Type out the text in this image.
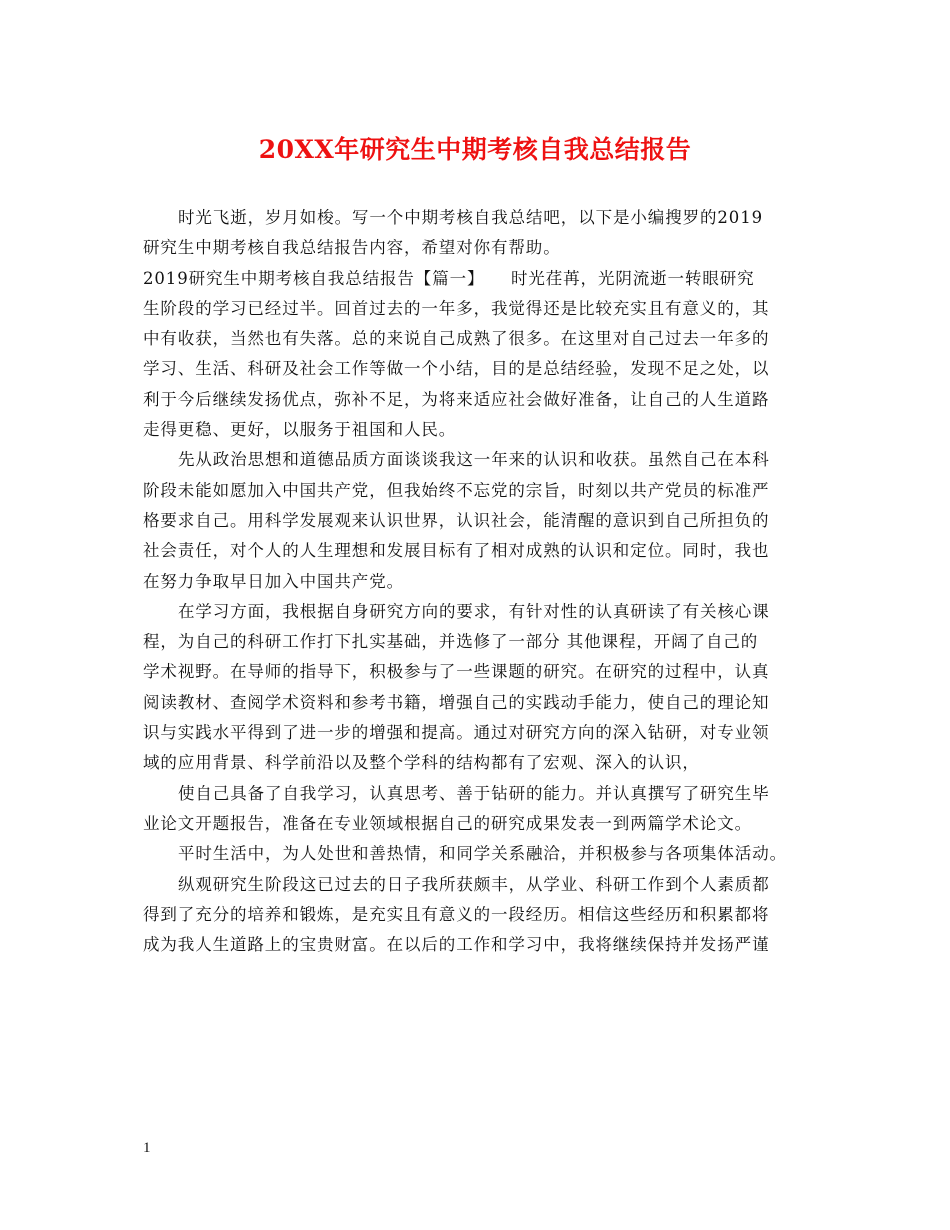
20XX年研究生中期考核自我总结报告
时光飞逝，岁月如梭。写一个中期考核自我总结吧，以下是小编搜罗的2019
研究生中期考核自我总结报告内容，希望对你有帮助。
2019研究生中期考核自我总结报告【篇一】　　时光荏苒，光阴流逝一转眼研究
生阶段的学习已经过半。回首过去的一年多，我觉得还是比较充实且有意义的，其
中有收获，当然也有失落。总的来说自己成熟了很多。在这里对自己过去一年多的
学习、生活、科研及社会工作等做一个小结，目的是总结经验，发现不足之处，以
利于今后继续发扬优点，弥补不足，为将来适应社会做好准备，让自己的人生道路
走得更稳、更好，以服务于祖国和人民。
先从政治思想和道德品质方面谈谈我这一年来的认识和收获。虽然自己在本科
阶段未能如愿加入中国共产党，但我始终不忘党的宗旨，时刻以共产党员的标准严
格要求自己。用科学发展观来认识世界，认识社会，能清醒的意识到自己所担负的
社会责任，对个人的人生理想和发展目标有了相对成熟的认识和定位。同时，我也
在努力争取早日加入中国共产党。
在学习方面，我根据自身研究方向的要求，有针对性的认真研读了有关核心课
程，为自己的科研工作打下扎实基础，并选修了一部分 其他课程，开阔了自己的
学术视野。在导师的指导下，积极参与了一些课题的研究。在研究的过程中，认真
阅读教材、查阅学术资料和参考书籍，增强自己的实践动手能力，使自己的理论知
识与实践水平得到了进一步的增强和提高。通过对研究方向的深入钻研，对专业领
域的应用背景、科学前沿以及整个学科的结构都有了宏观、深入的认识，
使自己具备了自我学习，认真思考、善于钻研的能力。并认真撰写了研究生毕
业论文开题报告，准备在专业领域根据自己的研究成果发表一到两篇学术论文。
平时生活中，为人处世和善热情，和同学关系融洽，并积极参与各项集体活动。
纵观研究生阶段这已过去的日子我所获颇丰，从学业、科研工作到个人素质都
得到了充分的培养和锻炼，是充实且有意义的一段经历。相信这些经历和积累都将
成为我人生道路上的宝贵财富。在以后的工作和学习中，我将继续保持并发扬严谨
1
